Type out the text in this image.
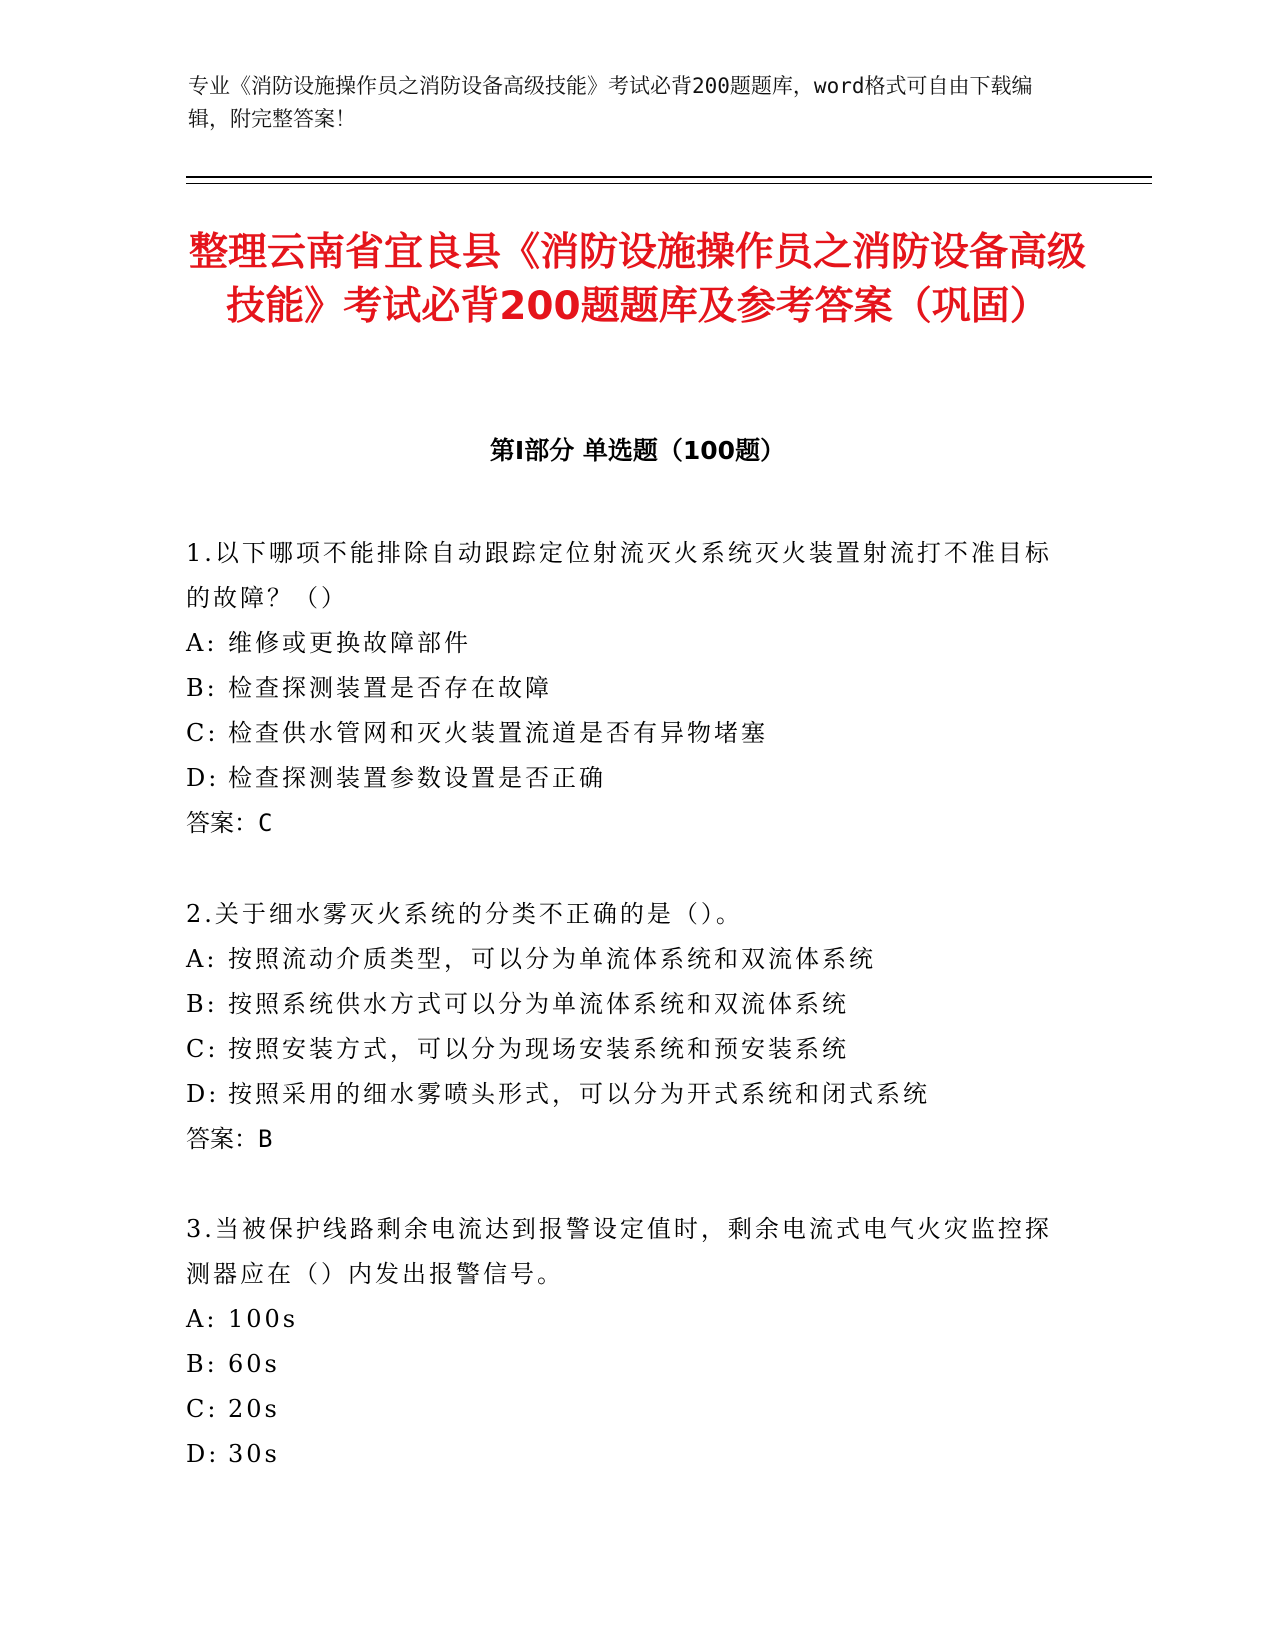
专业《消防设施操作员之消防设备高级技能》考试必背200题题库，word格式可自由下载编辑，附完整答案！
整理云南省宜良县《消防设施操作员之消防设备高级技能》考试必背200题题库及参考答案（巩固）
第I部分 单选题（100题）

1.以下哪项不能排除自动跟踪定位射流灭火系统灭火装置射流打不准目标的故障？（）

A: 维修或更换故障部件
B: 检查探测装置是否存在故障
C: 检查供水管网和灭火装置流道是否有异物堵塞
D: 检查探测装置参数设置是否正确

答案：C

2.关于细水雾灭火系统的分类不正确的是（）。

A: 按照流动介质类型，可以分为单流体系统和双流体系统
B: 按照系统供水方式可以分为单流体系统和双流体系统
C: 按照安装方式，可以分为现场安装系统和预安装系统
D: 按照采用的细水雾喷头形式，可以分为开式系统和闭式系统

答案：B

3.当被保护线路剩余电流达到报警设定值时，剩余电流式电气火灾监控探测器应在（）内发出报警信号。

A: 100s
B: 60s
C: 20s
D: 30s
